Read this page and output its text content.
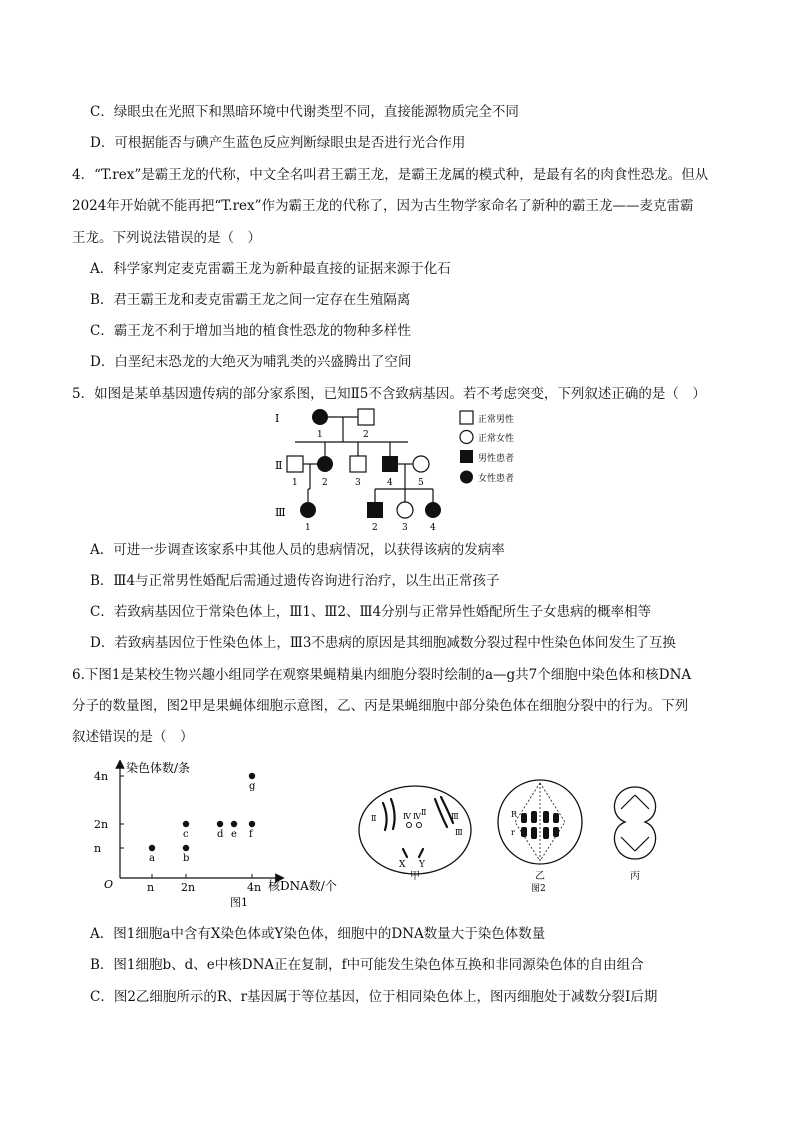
C．绿眼虫在光照下和黑暗环境中代谢类型不同，直接能源物质完全不同
D．可根据能否与碘产生蓝色反应判断绿眼虫是否进行光合作用
4．“T.rex”是霸王龙的代称，中文全名叫君王霸王龙，是霸王龙属的模式种，是最有名的肉食性恐龙。但从
2024年开始就不能再把“T.rex”作为霸王龙的代称了，因为古生物学家命名了新种的霸王龙——麦克雷霸
王龙。下列说法错误的是（　）
A．科学家判定麦克雷霸王龙为新种最直接的证据来源于化石
B．君王霸王龙和麦克雷霸王龙之间一定存在生殖隔离
C．霸王龙不利于增加当地的植食性恐龙的物种多样性
D．白垩纪末恐龙的大绝灭为哺乳类的兴盛腾出了空间
5．如图是某单基因遗传病的部分家系图，已知Ⅱ5不含致病基因。若不考虑突变，下列叙述正确的是（　）
Ⅰ
Ⅱ
Ⅲ
1	2
1	2	3	4	5
1	2	3 4
正常男性
正常女性
男性患者
女性患者
A．可进一步调查该家系中其他人员的患病情况，以获得该病的发病率
B．Ⅲ4与正常男性婚配后需通过遗传咨询进行治疗，以生出正常孩子
C．若致病基因位于常染色体上，Ⅲ1、Ⅲ2、Ⅲ4分别与正常异性婚配所生子女患病的概率相等
D．若致病基因位于性染色体上，Ⅲ3不患病的原因是其细胞减数分裂过程中性染色体间发生了互换
6.下图1是某校生物兴趣小组同学在观察果蝇精巢内细胞分裂时绘制的a—g共7个细胞中染色体和核DNA
分子的数量图，图2甲是果蝇体细胞示意图，乙、丙是果蝇细胞中部分染色体在细胞分裂中的行为。下列
叙述错误的是（　）
染色体数/条
核DNA数/个
O	n 2n	4n
n
2n
4n
a	b
c	d e f
g
图1
Ⅱ	Ⅳ Ⅳ	Ⅲ
Ⅱ
Ⅲ
X Y
R
r
乙
图2
丙
甲
A．图1细胞a中含有X染色体或Y染色体，细胞中的DNA数量大于染色体数量
B．图1细胞b、d、e中核DNA正在复制，f中可能发生染色体互换和非同源染色体的自由组合
C．图2乙细胞所示的R、r基因属于等位基因，位于相同染色体上，图丙细胞处于减数分裂Ⅰ后期
